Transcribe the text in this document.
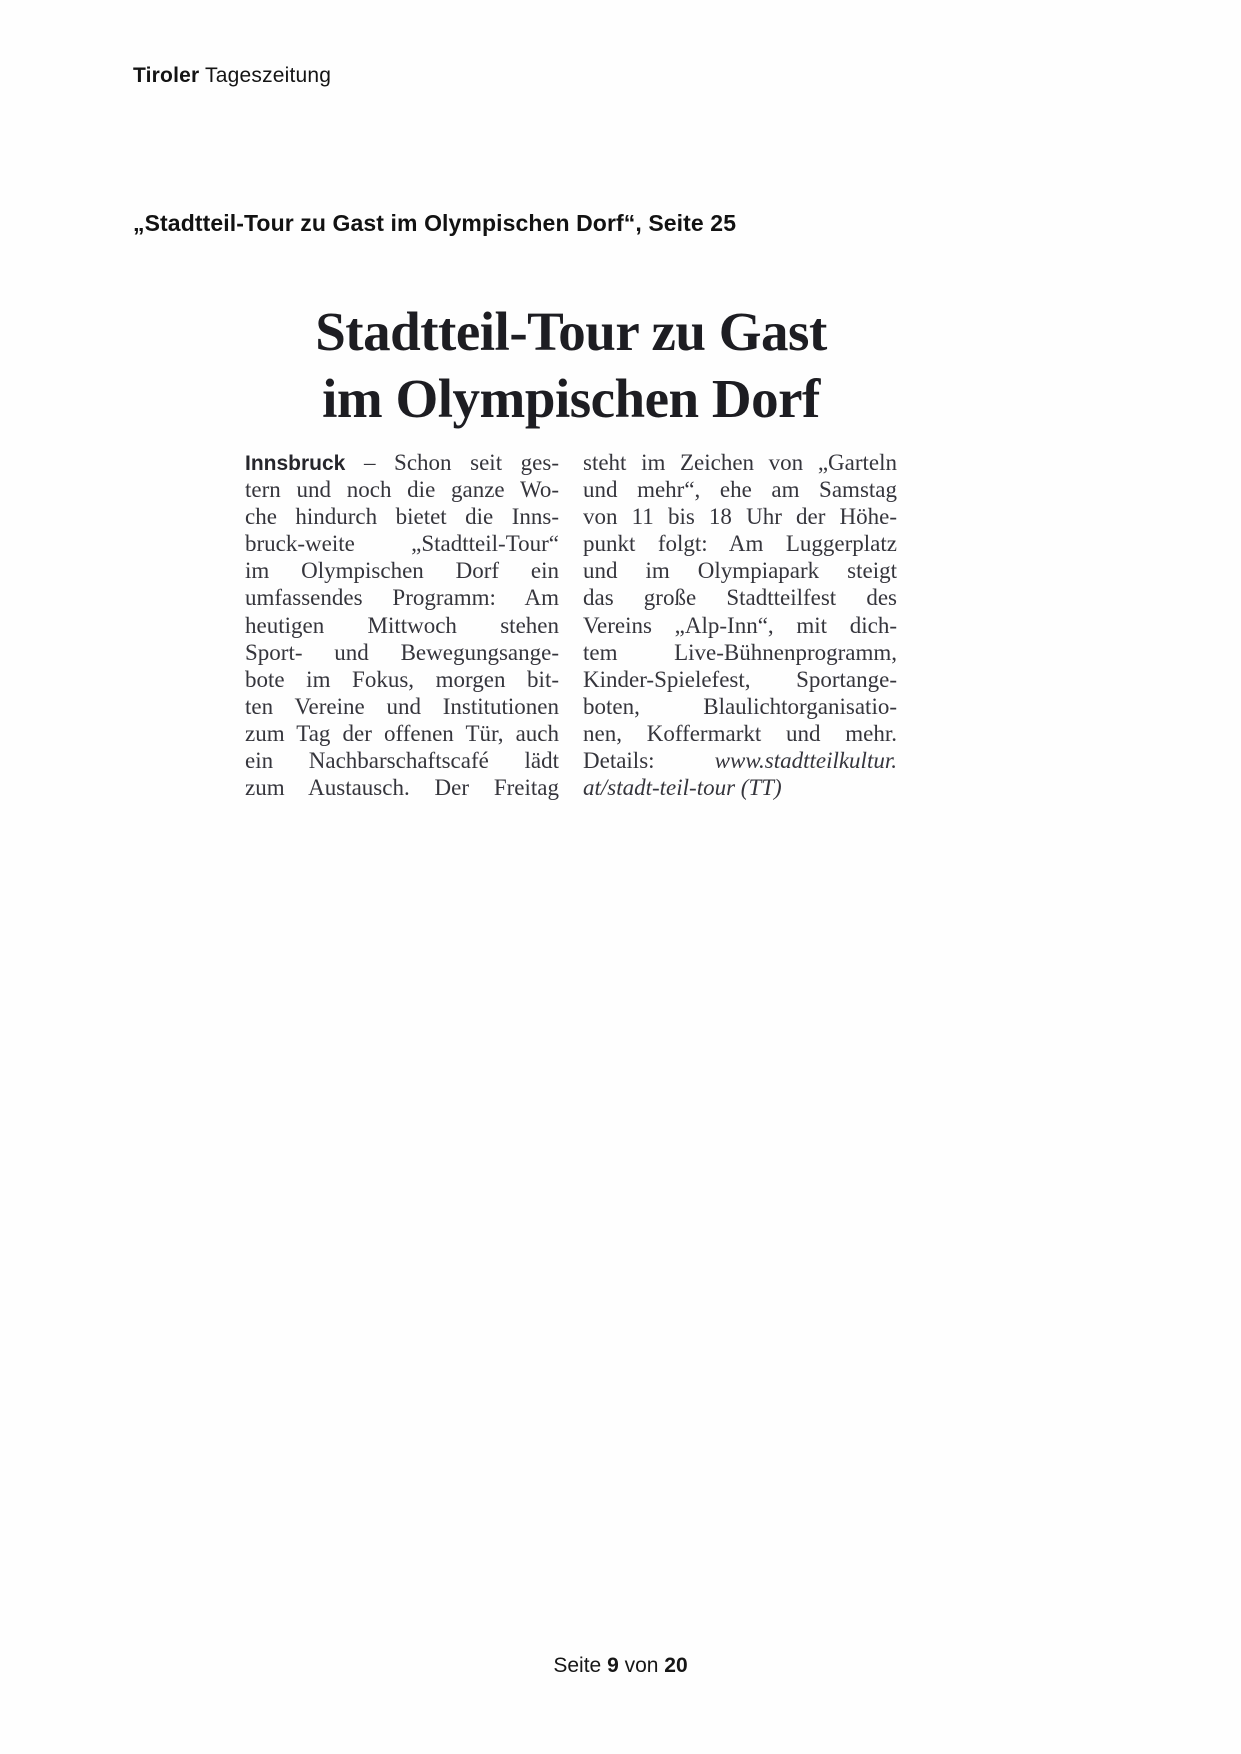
Tiroler Tageszeitung
„Stadtteil-Tour zu Gast im Olympischen Dorf“, Seite 25
Stadtteil-Tour zu Gast
im Olympischen Dorf
Innsbruck – Schon seit ges-
tern und noch die ganze Wo-
che hindurch bietet die Inns-
bruck-weite „Stadtteil-Tour“
im Olympischen Dorf ein
umfassendes Programm: Am
heutigen Mittwoch stehen
Sport- und Bewegungsange-
bote im Fokus, morgen bit-
ten Vereine und Institutionen
zum Tag der offenen Tür, auch
ein Nachbarschaftscafé lädt
zum Austausch. Der Freitag
steht im Zeichen von „Garteln
und mehr“, ehe am Samstag
von 11 bis 18 Uhr der Höhe-
punkt folgt: Am Luggerplatz
und im Olympiapark steigt
das große Stadtteilfest des
Vereins „Alp-Inn“, mit dich-
tem Live-Bühnenprogramm,
Kinder-Spielefest, Sportange-
boten, Blaulichtorganisatio-
nen, Koffermarkt und mehr.
Details: www.stadtteilkultur.
at/stadt-teil-tour (TT)
Seite 9 von 20
